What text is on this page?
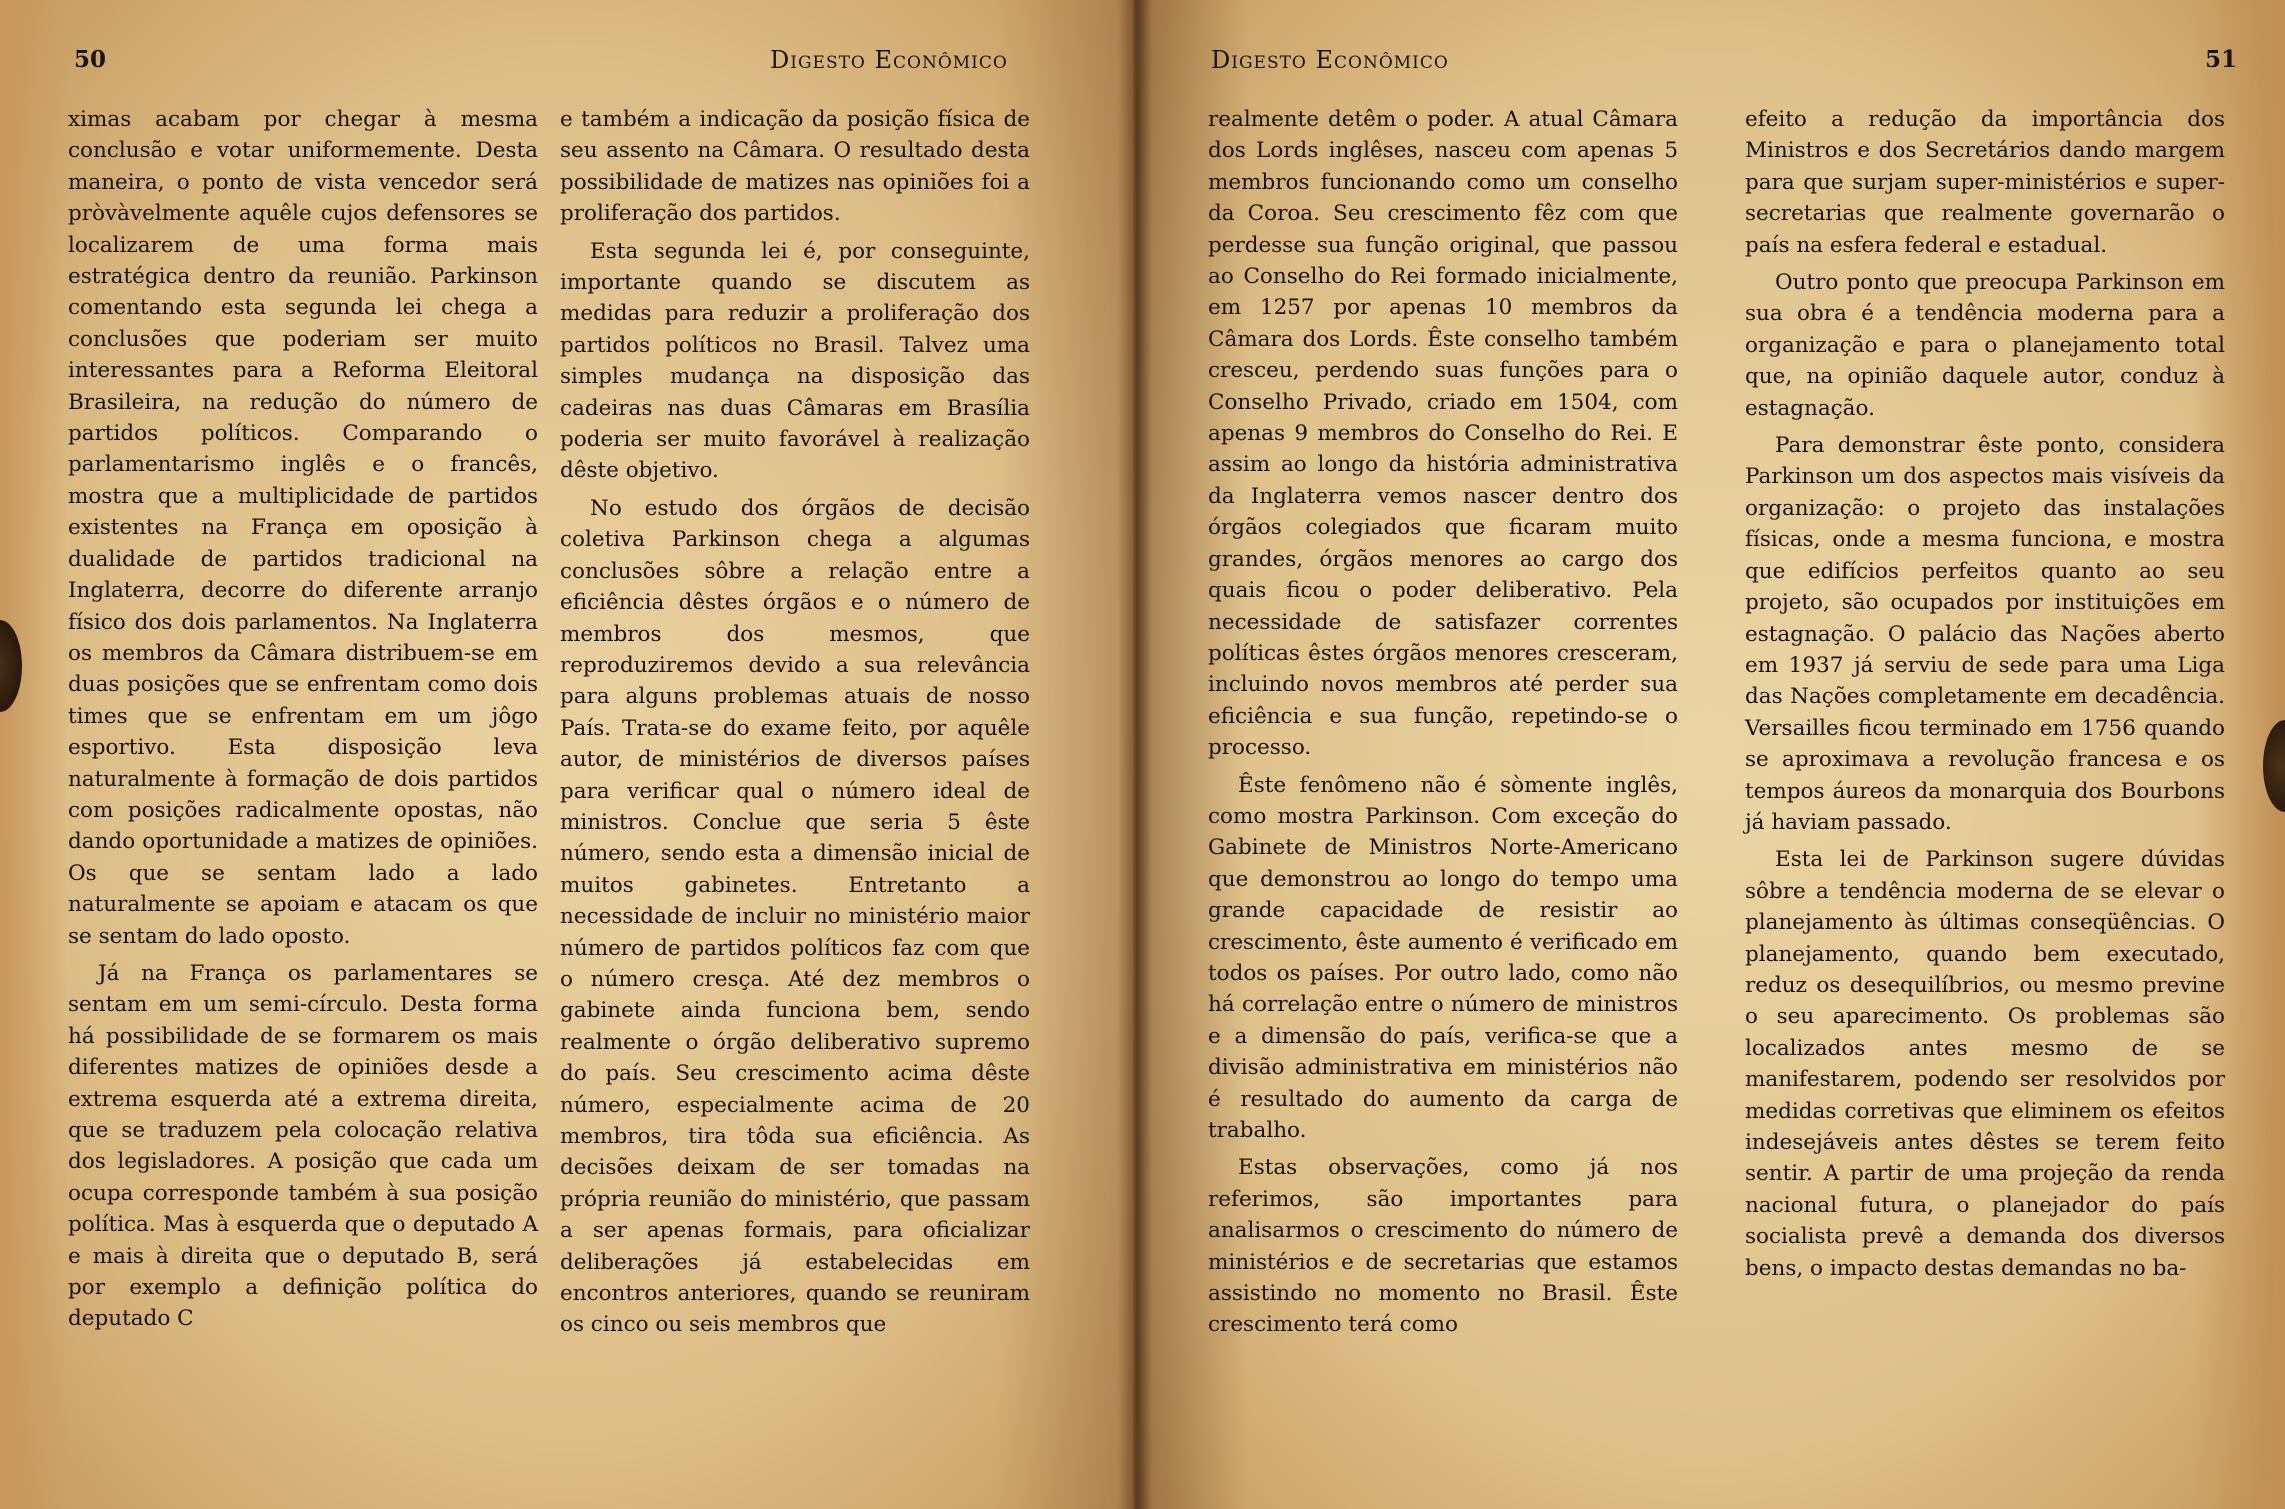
50	Digesto Econômico

ximas acabam por chegar à mesma conclusão e votar uniformemente. Desta maneira, o ponto de vista vencedor será pròvàvelmente aquêle cujos defensores se localizarem de uma forma mais estratégica dentro da reunião. Parkinson comentando esta segunda lei chega a conclusões que poderiam ser muito interessantes para a Reforma Eleitoral Brasileira, na redução do número de partidos políticos. Comparando o parlamentarismo inglês e o francês, mostra que a multiplicidade de partidos existentes na França em oposição à dualidade de partidos tradicional na Inglaterra, decorre do diferente arranjo físico dos dois parlamentos. Na Inglaterra os membros da Câmara distribuem-se em duas posições que se enfrentam como dois times que se enfrentam em um jôgo esportivo. Esta disposição leva naturalmente à formação de dois partidos com posições radicalmente opostas, não dando oportunidade a matizes de opiniões. Os que se sentam lado a lado naturalmente se apoiam e atacam os que se sentam do lado oposto.

Já na França os parlamentares se sentam em um semi-círculo. Desta forma há possibilidade de se formarem os mais diferentes matizes de opiniões desde a extrema esquerda até a extrema direita, que se traduzem pela colocação relativa dos legisladores. A posição que cada um ocupa corresponde também à sua posição política. Mas à esquerda que o deputado A e mais à direita que o deputado B, será por exemplo a definição política do deputado C

e também a indicação da posição física de seu assento na Câmara. O resultado desta possibilidade de matizes nas opiniões foi a proliferação dos partidos.

Esta segunda lei é, por conseguinte, importante quando se discutem as medidas para reduzir a proliferação dos partidos políticos no Brasil. Talvez uma simples mudança na disposição das cadeiras nas duas Câmaras em Brasília poderia ser muito favorável à realização dêste objetivo.

No estudo dos órgãos de decisão coletiva Parkinson chega a algumas conclusões sôbre a relação entre a eficiência dêstes órgãos e o número de membros dos mesmos, que reproduziremos devido a sua relevância para alguns problemas atuais de nosso País. Trata-se do exame feito, por aquêle autor, de ministérios de diversos países para verificar qual o número ideal de ministros. Conclue que seria 5 êste número, sendo esta a dimensão inicial de muitos gabinetes. Entretanto a necessidade de incluir no ministério maior número de partidos políticos faz com que o número cresça. Até dez membros o gabinete ainda funciona bem, sendo realmente o órgão deliberativo supremo do país. Seu crescimento acima dêste número, especialmente acima de 20 membros, tira tôda sua eficiência. As decisões deixam de ser tomadas na própria reunião do ministério, que passam a ser apenas formais, para oficializar deliberações já estabelecidas em encontros anteriores, quando se reuniram os cinco ou seis membros que

Digesto Econômico	51

realmente detêm o poder. A atual Câmara dos Lords inglêses, nasceu com apenas 5 membros funcionando como um conselho da Coroa. Seu crescimento fêz com que perdesse sua função original, que passou ao Conselho do Rei formado inicialmente, em 1257 por apenas 10 membros da Câmara dos Lords. Êste conselho também cresceu, perdendo suas funções para o Conselho Privado, criado em 1504, com apenas 9 membros do Conselho do Rei. E assim ao longo da história administrativa da Inglaterra vemos nascer dentro dos órgãos colegiados que ficaram muito grandes, órgãos menores ao cargo dos quais ficou o poder deliberativo. Pela necessidade de satisfazer correntes políticas êstes órgãos menores cresceram, incluindo novos membros até perder sua eficiência e sua função, repetindo-se o processo.

Êste fenômeno não é sòmente inglês, como mostra Parkinson. Com exceção do Gabinete de Ministros Norte-Americano que demonstrou ao longo do tempo uma grande capacidade de resistir ao crescimento, êste aumento é verificado em todos os países. Por outro lado, como não há correlação entre o número de ministros e a dimensão do país, verifica-se que a divisão administrativa em ministérios não é resultado do aumento da carga de trabalho.

Estas observações, como já nos referimos, são importantes para analisarmos o crescimento do número de ministérios e de secretarias que estamos assistindo no momento no Brasil. Êste crescimento terá como

efeito a redução da importância dos Ministros e dos Secretários dando margem para que surjam super-ministérios e super-secretarias que realmente governarão o país na esfera federal e estadual.

Outro ponto que preocupa Parkinson em sua obra é a tendência moderna para a organização e para o planejamento total que, na opinião daquele autor, conduz à estagnação.

Para demonstrar êste ponto, considera Parkinson um dos aspectos mais visíveis da organização: o projeto das instalações físicas, onde a mesma funciona, e mostra que edifícios perfeitos quanto ao seu projeto, são ocupados por instituições em estagnação. O palácio das Nações aberto em 1937 já serviu de sede para uma Liga das Nações completamente em decadência. Versailles ficou terminado em 1756 quando se aproximava a revolução francesa e os tempos áureos da monarquia dos Bourbons já haviam passado.

Esta lei de Parkinson sugere dúvidas sôbre a tendência moderna de se elevar o planejamento às últimas conseqüências. O planejamento, quando bem executado, reduz os desequilíbrios, ou mesmo previne o seu aparecimento. Os problemas são localizados antes mesmo de se manifestarem, podendo ser resolvidos por medidas corretivas que eliminem os efeitos indesejáveis antes dêstes se terem feito sentir. A partir de uma projeção da renda nacional futura, o planejador do país socialista prevê a demanda dos diversos bens, o impacto destas demandas no ba-
